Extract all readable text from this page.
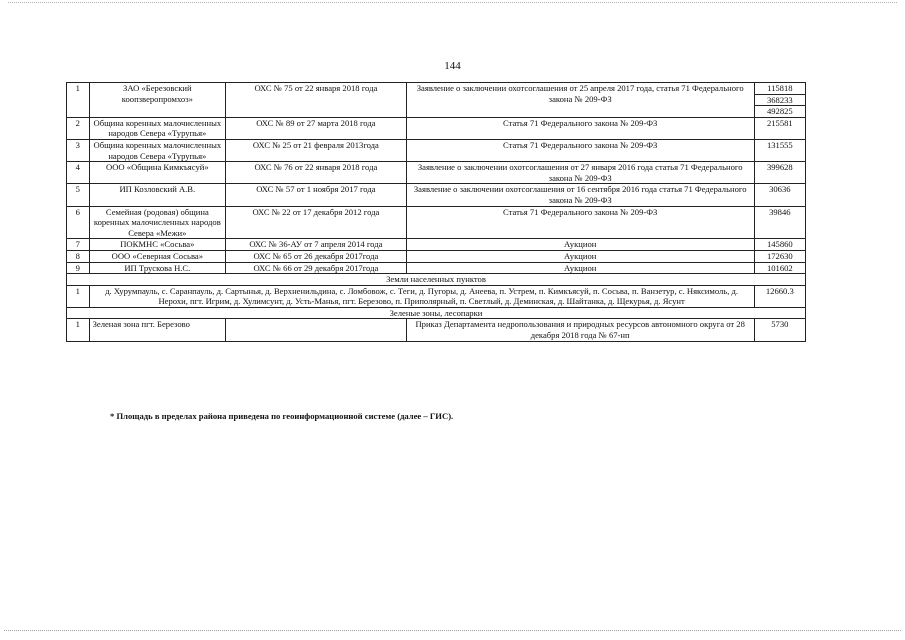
144
1	ЗАО «Березовский коопзверопромхоз»	ОХС № 75 от 22 января 2018 года	Заявление о заключении охотсоглашения от 25 апреля 2017 года, статья 71 Федерального закона № 209-ФЗ	115818
368233
492825

2	Община коренных малочисленных народов Севера «Турупья»	ОХС № 89 от 27 марта 2018 года	Статья 71 Федерального закона № 209-ФЗ	215581

3	Община коренных малочисленных народов Севера «Турупья»	ОХС № 25 от 21 февраля 2013года	Статья 71 Федерального закона № 209-ФЗ	131555

4	ООО «Община Кимкъясуй»	ОХС № 76 от 22 января 2018 года	Заявление о заключении охотсоглашения от 27 января 2016 года статья 71 Федерального закона № 209-ФЗ	399628

5	ИП Козловский А.В.	ОХС № 57 от 1 ноября 2017 года	Заявление о заключении охотсоглашения от 16 сентября 2016 года статья 71 Федерального закона № 209-ФЗ	30636

6	Семейная (родовая) община коренных малочисленных народов Севера «Межи»	ОХС № 22 от 17 декабря 2012 года	Статья 71 Федерального закона № 209-ФЗ	39846

7	ПОКМНС «Сосьва»	ОХС № 36-АУ от 7 апреля 2014 года	Аукцион	145860

8	ООО «Северная Сосьва»	ОХС № 65 от 26 декабря 2017года	Аукцион	172630

9	ИП Трускова Н.С.	ОХС № 66 от 29 декабря 2017года	Аукцион	101602

Земли населенных пунктов				
1	д. Хурумпауль, с. Саранпауль, д. Сартынья, д. Верхненильдина, с. Ломбовож, с. Теги, д. Пугоры, д. Анеева, п. Устрем, п. Кимкъясуй, п. Сосьва, п. Ванзетур, с. Няксимоль, д. Нерохи, пгт. Игрим, д. Хулимсунт, д. Усть-Манья, пгт. Березово, п. Приполярный, п. Светлый, д. Деминская, д. Шайтанка, д. Щекурья, д. Ясунт			12660.3
Зеленые зоны, лесопарки				
1	Зеленая зона пгт. Березово		Приказ Департамента недропользования и природных ресурсов автономного округа от 28 декабря 2018 года № 67-нп	5730
* Площадь в пределах района приведена по геоинформационной системе (далее – ГИС).
